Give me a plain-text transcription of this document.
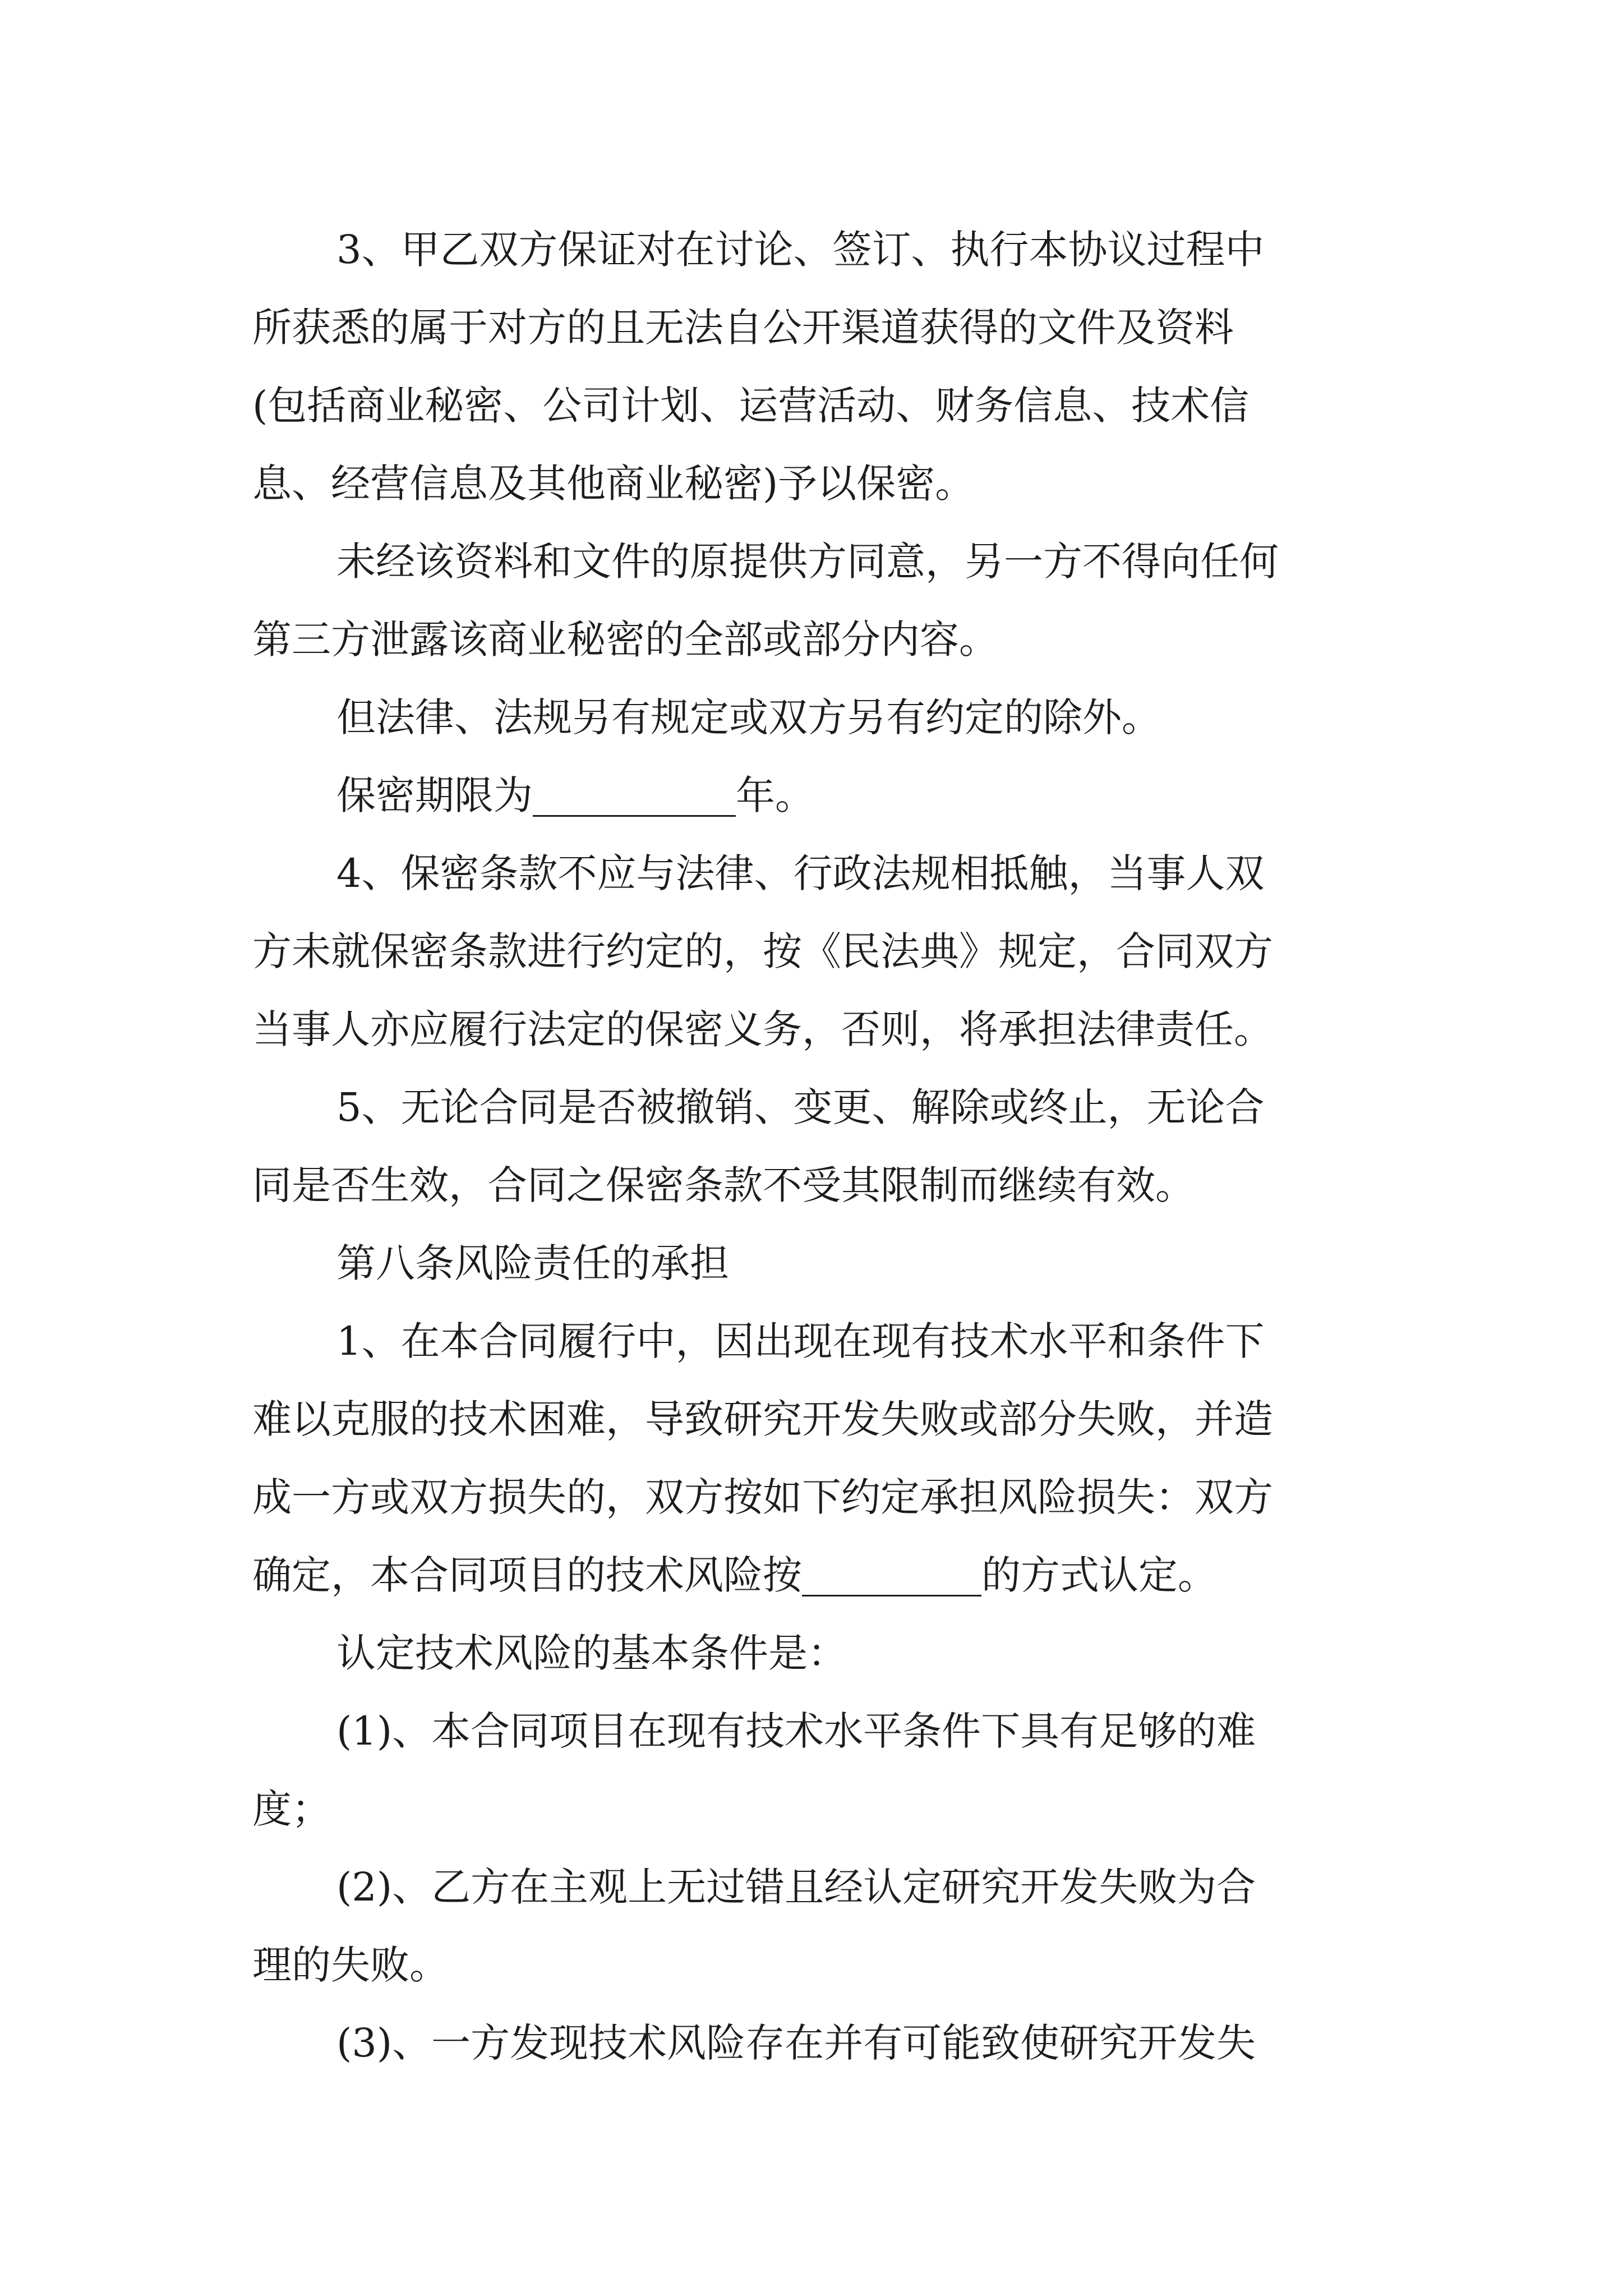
3、甲乙双方保证对在讨论、签订、执行本协议过程中
所获悉的属于对方的且无法自公开渠道获得的文件及资料
(包括商业秘密、公司计划、运营活动、财务信息、技术信
息、经营信息及其他商业秘密)予以保密。
未经该资料和文件的原提供方同意，另一方不得向任何
第三方泄露该商业秘密的全部或部分内容。
但法律、法规另有规定或双方另有约定的除外。
保密期限为	年。
4、保密条款不应与法律、行政法规相抵触，当事人双
方未就保密条款进行约定的，按《民法典》规定，合同双方
当事人亦应履行法定的保密义务，否则，将承担法律责任。
5、无论合同是否被撤销、变更、解除或终止，无论合
同是否生效，合同之保密条款不受其限制而继续有效。
第八条风险责任的承担
1、在本合同履行中，因出现在现有技术水平和条件下
难以克服的技术困难，导致研究开发失败或部分失败，并造
成一方或双方损失的，双方按如下约定承担风险损失：双方
确定，本合同项目的技术风险按	的方式认定。
认定技术风险的基本条件是：
(1)、本合同项目在现有技术水平条件下具有足够的难
度；
(2)、乙方在主观上无过错且经认定研究开发失败为合
理的失败。
(3)、一方发现技术风险存在并有可能致使研究开发失
